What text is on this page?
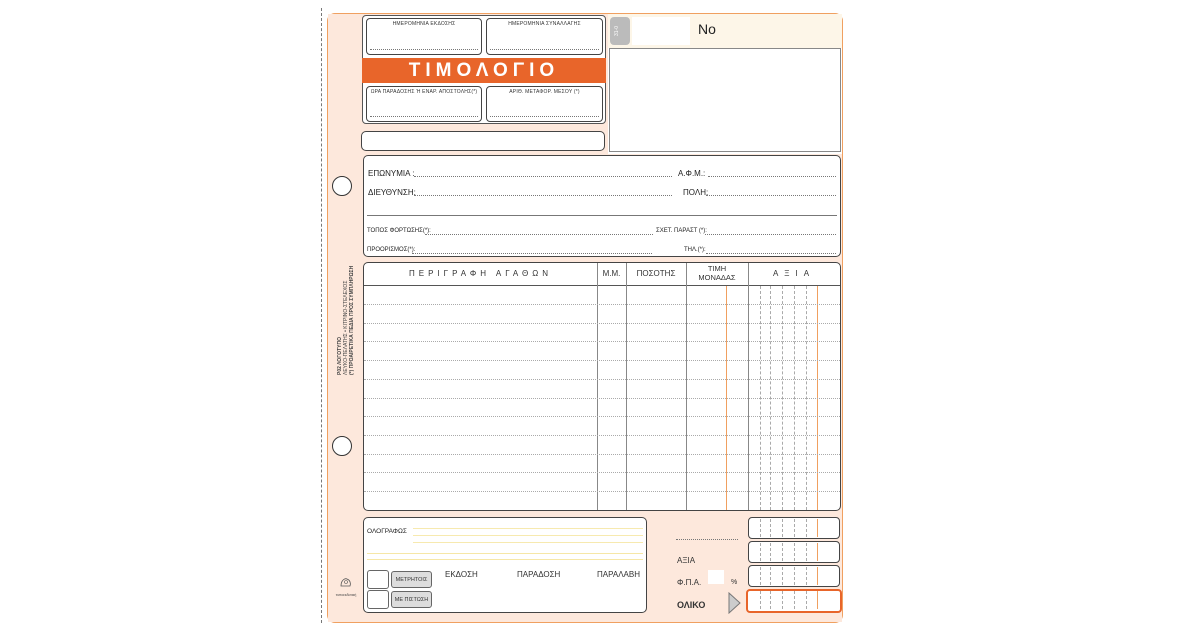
Ρ02 ΛΟΓΟΤΥΠΟ ΛΕΥΚΟ-ΠΕΛΑΤΗΣ • ΚΙΤΡΙΝΟ-ΣΤΕΛΕΧΟΣ (*) ΠΡΟΑΙΡΕΤΙΚΑ ΠΕΔΙΑ ΠΡΟΣ ΣΥΜΠΛΗΡΩΣΗ
τυποεκδοτική
ΗΜΕΡΟΜΗΝΙΑ ΕΚΔΟΣΗΣ	ΗΜΕΡΟΜΗΝΙΑ ΣΥΝΑΛΛΑΓΗΣ
ΤΙΜΟΛΟΓΙΟ
ΩΡΑ ΠΑΡΑΔΟΣΗΣ Ή ΕΝΑΡ. ΑΠΟΣΤΟΛΗΣ(*)	ΑΡΙΘ. ΜΕΤΑΦΟΡ. ΜΕΣΟΥ (*)
31-0	No
ΕΠΩΝΥΜΙΑ :	Α.Φ.Μ.:
ΔΙΕΥΘΥΝΣΗ:	ΠΟΛΗ:
ΤΟΠΟΣ ΦΟΡΤΩΣΗΣ(*):	ΣΧΕΤ. ΠΑΡΑΣΤ (*):
ΠΡΟΟΡΙΣΜΟΣ(*):	ΤΗΛ.(*):
ΠΕΡΙΓΡΑΦΗ ΑΓΑΘΩΝ	Μ.Μ.	ΠΟΣΟΤΗΣ
ΤΙΜΗ
ΜΟΝΑΔΑΣ	ΑΞΙΑ
ΟΛΟΓΡΑΦΩΣ
ΕΚΔΟΣΗ	ΠΑΡΑΔΟΣΗ	ΠΑΡΑΛΑΒΗ
ΜΕΤΡΗΤΟΙΣ
ΜΕ ΠΙΣΤΩΣΗ
ΑΞΙΑ
Φ.Π.Α.	%
ΟΛΙΚΟ
